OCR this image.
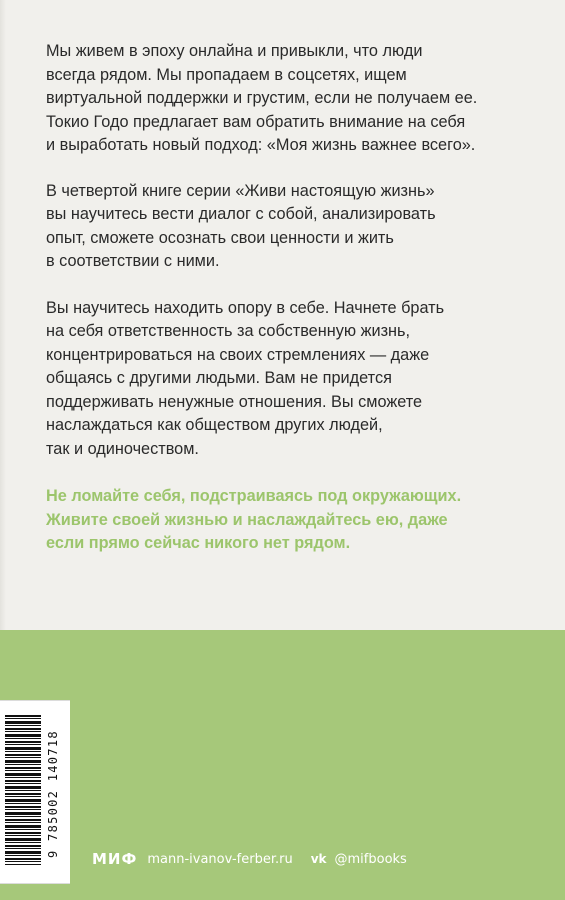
Мы живем в эпоху онлайна и привыкли, что люди
всегда рядом. Мы пропадаем в соцсетях, ищем
виртуальной поддержки и грустим, если не получаем ее.
Токио Годо предлагает вам обратить внимание на себя
и выработать новый подход: «Моя жизнь важнее всего».

В четвертой книге серии «Живи настоящую жизнь»
вы научитесь вести диалог с собой, анализировать
опыт, сможете осознать свои ценности и жить
в соответствии с ними.

Вы научитесь находить опору в себе. Начнете брать
на себя ответственность за собственную жизнь,
концентрироваться на своих стремлениях — даже
общаясь с другими людьми. Вам не придется
поддерживать ненужные отношения. Вы сможете
наслаждаться как обществом других людей,
так и одиночеством.

Не ломайте себя, подстраиваясь под окружающих.
Живите своей жизнью и наслаждайтесь ею, даже
если прямо сейчас никого нет рядом.

9 785002 140718
МИФ mann-ivanov-ferber.ru vk @mifbooks
